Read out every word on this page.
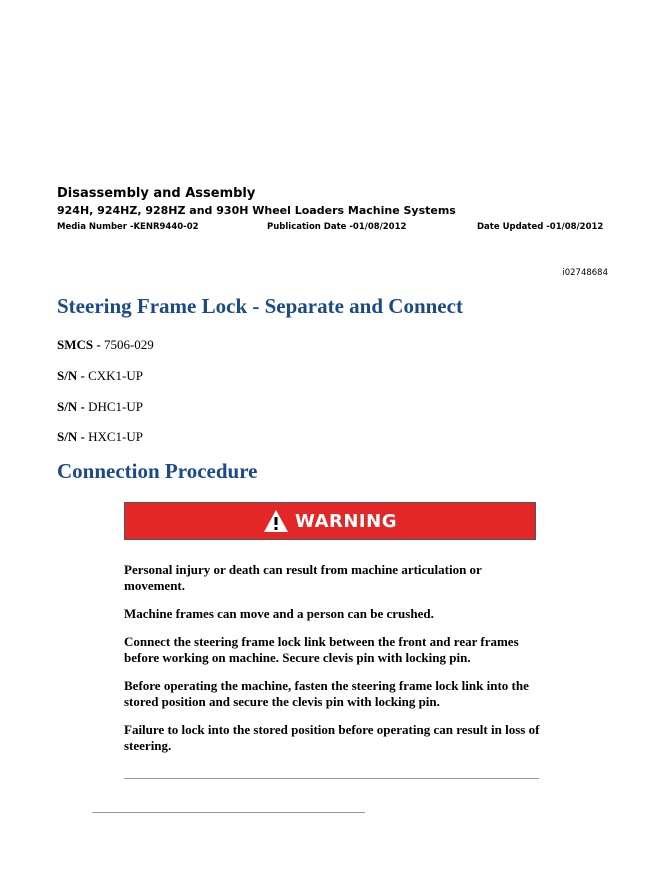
Disassembly and Assembly
924H, 924HZ, 928HZ and 930H Wheel Loaders Machine Systems
Media Number -KENR9440-02	Publication Date -01/08/2012	Date Updated -01/08/2012
i02748684
Steering Frame Lock - Separate and Connect
SMCS - 7506-029
S/N - CXK1-UP
S/N - DHC1-UP
S/N - HXC1-UP
Connection Procedure
WARNING

Personal injury or death can result from machine articulation or movement.

Machine frames can move and a person can be crushed.

Connect the steering frame lock link between the front and rear frames before working on machine. Secure clevis pin with locking pin.

Before operating the machine, fasten the steering frame lock link into the stored position and secure the clevis pin with locking pin.

Failure to lock into the stored position before operating can result in loss of steering.
